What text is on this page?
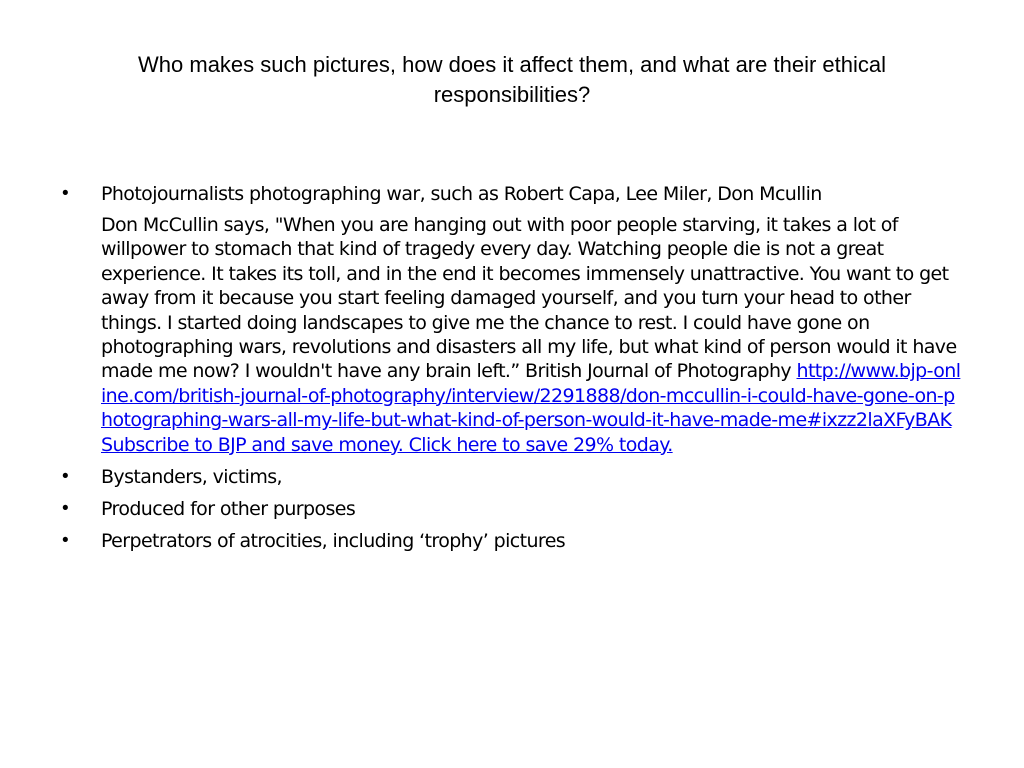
Who makes such pictures, how does it affect them, and what are their ethical responsibilities?
• Photojournalists photographing war, such as Robert Capa, Lee Miler, Don Mcullin
Don McCullin says, "When you are hanging out with poor people starving, it takes a lot of willpower to stomach that kind of tragedy every day. Watching people die is not a great experience. It takes its toll, and in the end it becomes immensely unattractive. You want to get away from it because you start feeling damaged yourself, and you turn your head to other things. I started doing landscapes to give me the chance to rest. I could have gone on photographing wars, revolutions and disasters all my life, but what kind of person would it have made me now? I wouldn't have any brain left.” British Journal of Photography http://www.bjp-online.com/british-journal-of-photography/interview/2291888/don-mccullin-i-could-have-gone-on-photographing-wars-all-my-life-but-what-kind-of-person-would-it-have-made-me#ixzz2laXFyBAK Subscribe to BJP and save money. Click here to save 29% today.
• Bystanders, victims,
• Produced for other purposes
• Perpetrators of atrocities, including ‘trophy’ pictures
